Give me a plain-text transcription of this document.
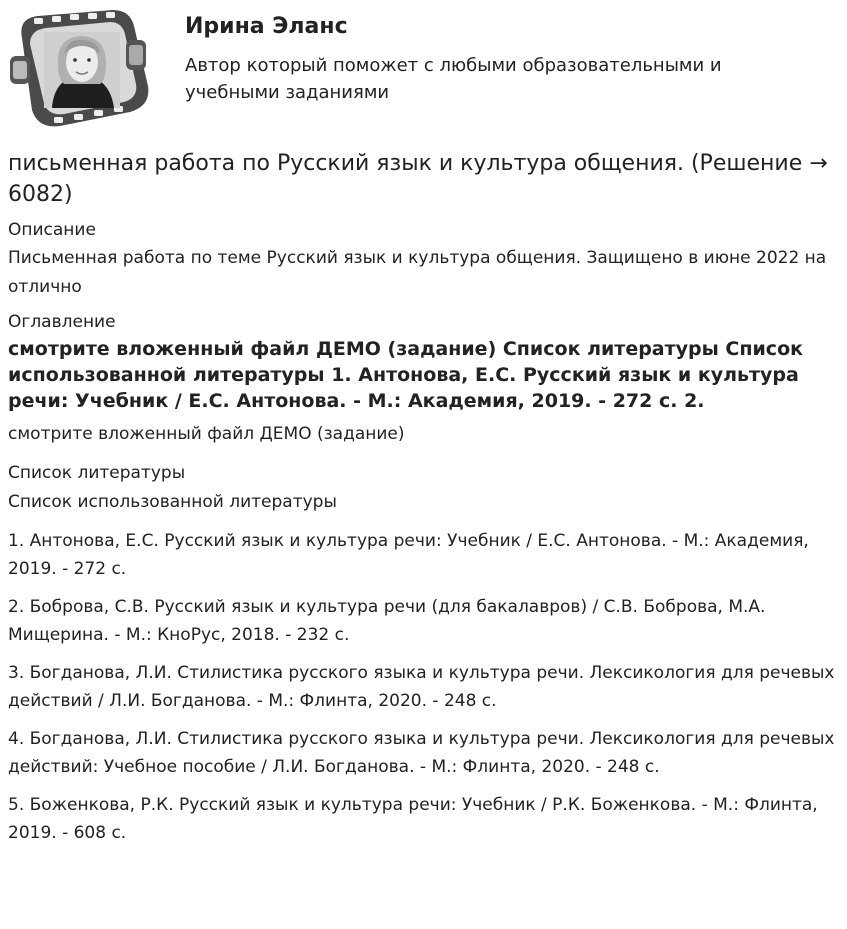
Ирина Эланс
Автор который поможет с любыми образовательными и учебными заданиями
письменная работа по Русский язык и культура общения. (Решение → 6082)
Описание

Письменная работа по теме Русский язык и культура общения. Защищено в июне 2022 на отлично

Оглавление

смотрите вложенный файл ДЕМО (задание) Список литературы Список использованной литературы 1. Антонова, Е.С. Русский язык и культура речи: Учебник / Е.С. Антонова. - М.: Академия, 2019. - 272 с. 2.

смотрите вложенный файл ДЕМО (задание)

Список литературы

Список использованной литературы

1. Антонова, Е.С. Русский язык и культура речи: Учебник / Е.С. Антонова. - М.: Академия, 2019. - 272 с.

2. Боброва, С.В. Русский язык и культура речи (для бакалавров) / С.В. Боброва, М.А. Мищерина. - М.: КноРус, 2018. - 232 с.

3. Богданова, Л.И. Стилистика русского языка и культура речи. Лексикология для речевых действий / Л.И. Богданова. - М.: Флинта, 2020. - 248 с.

4. Богданова, Л.И. Стилистика русского языка и культура речи. Лексикология для речевых действий: Учебное пособие / Л.И. Богданова. - М.: Флинта, 2020. - 248 с.

5. Боженкова, Р.К. Русский язык и культура речи: Учебник / Р.К. Боженкова. - М.: Флинта, 2019. - 608 с.
